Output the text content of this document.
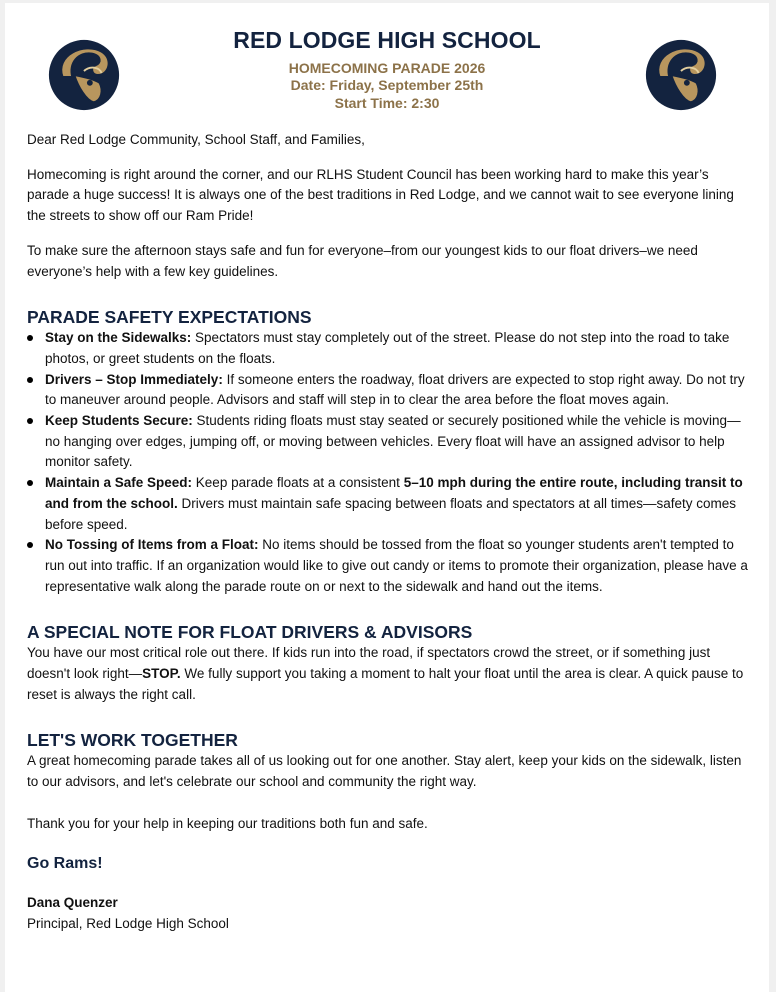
RED LODGE HIGH SCHOOL
HOMECOMING PARADE 2026
Date: Friday, September 25th
Start Time: 2:30

Dear Red Lodge Community, School Staff, and Families,

Homecoming is right around the corner, and our RLHS Student Council has been working hard to make this year’s parade a huge success! It is always one of the best traditions in Red Lodge, and we cannot wait to see everyone lining the streets to show off our Ram Pride!

To make sure the afternoon stays safe and fun for everyone–from our youngest kids to our float drivers–we need everyone’s help with a few key guidelines.

PARADE SAFETY EXPECTATIONS
Stay on the Sidewalks: Spectators must stay completely out of the street. Please do not step into the road to take photos, or greet students on the floats.
Drivers – Stop Immediately: If someone enters the roadway, float drivers are expected to stop right away. Do not try to maneuver around people. Advisors and staff will step in to clear the area before the float moves again.
Keep Students Secure: Students riding floats must stay seated or securely positioned while the vehicle is moving—no hanging over edges, jumping off, or moving between vehicles. Every float will have an assigned advisor to help monitor safety.
Maintain a Safe Speed: Keep parade floats at a consistent 5–10 mph during the entire route, including transit to and from the school. Drivers must maintain safe spacing between floats and spectators at all times—safety comes before speed.
No Tossing of Items from a Float: No items should be tossed from the float so younger students aren't tempted to run out into traffic. If an organization would like to give out candy or items to promote their organization, please have a representative walk along the parade route on or next to the sidewalk and hand out the items.
A SPECIAL NOTE FOR FLOAT DRIVERS & ADVISORS

You have our most critical role out there. If kids run into the road, if spectators crowd the street, or if something just doesn't look right—STOP. We fully support you taking a moment to halt your float until the area is clear. A quick pause to reset is always the right call.

LET'S WORK TOGETHER

A great homecoming parade takes all of us looking out for one another. Stay alert, keep your kids on the sidewalk, listen to our advisors, and let's celebrate our school and community the right way.

Thank you for your help in keeping our traditions both fun and safe.

Go Rams!

Dana Quenzer

Principal, Red Lodge High School
